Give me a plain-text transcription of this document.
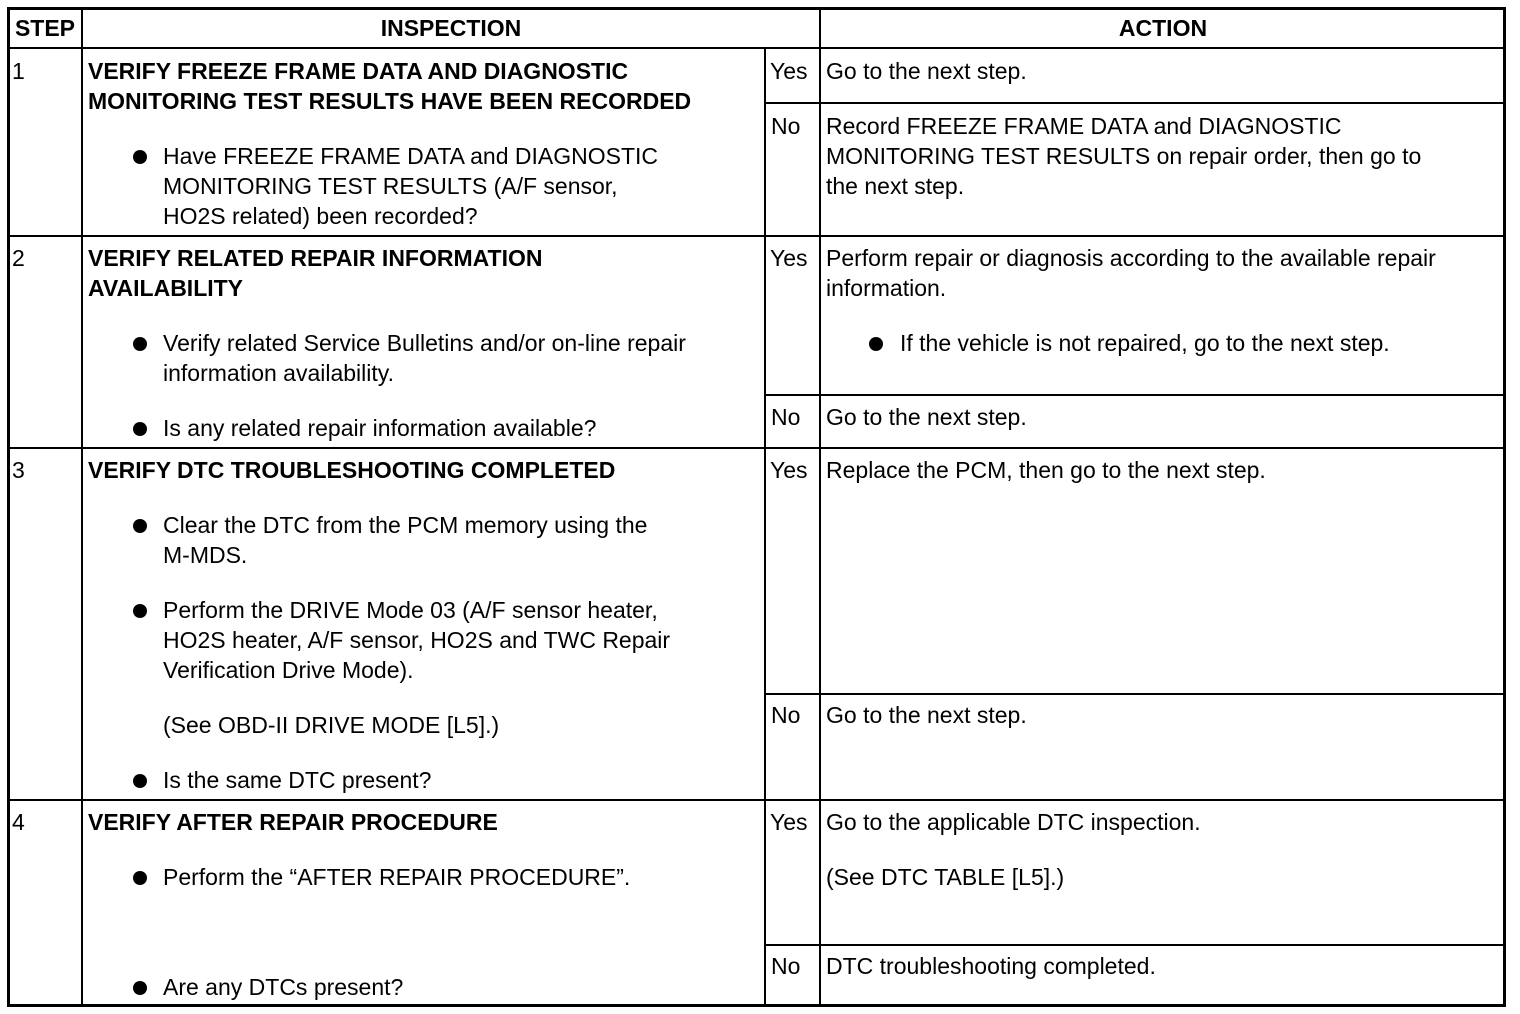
STEP	INSPECTION	ACTION
1	VERIFY FREEZE FRAME DATA AND DIAGNOSTIC
MONITORING TEST RESULTS HAVE BEEN RECORDED
Have FREEZE FRAME DATA and DIAGNOSTIC
MONITORING TEST RESULTS (A/F sensor,
HO2S related) been recorded?
Yes Go to the next step.
No Record FREEZE FRAME DATA and DIAGNOSTIC
MONITORING TEST RESULTS on repair order, then go to
the next step.
2	VERIFY RELATED REPAIR INFORMATION
AVAILABILITY
Verify related Service Bulletins and/or on-line repair
information availability.
Is any related repair information available?
Yes Perform repair or diagnosis according to the available repair
information.
If the vehicle is not repaired, go to the next step.
No Go to the next step.
3	VERIFY DTC TROUBLESHOOTING COMPLETED
Clear the DTC from the PCM memory using the
M-MDS.
Perform the DRIVE Mode 03 (A/F sensor heater,
HO2S heater, A/F sensor, HO2S and TWC Repair
Verification Drive Mode).
(See OBD-II DRIVE MODE [L5].)
Is the same DTC present?
Yes Replace the PCM, then go to the next step.
No Go to the next step.
4	VERIFY AFTER REPAIR PROCEDURE
Perform the “AFTER REPAIR PROCEDURE”.
Are any DTCs present?
Yes Go to the applicable DTC inspection.
(See DTC TABLE [L5].)
No DTC troubleshooting completed.
